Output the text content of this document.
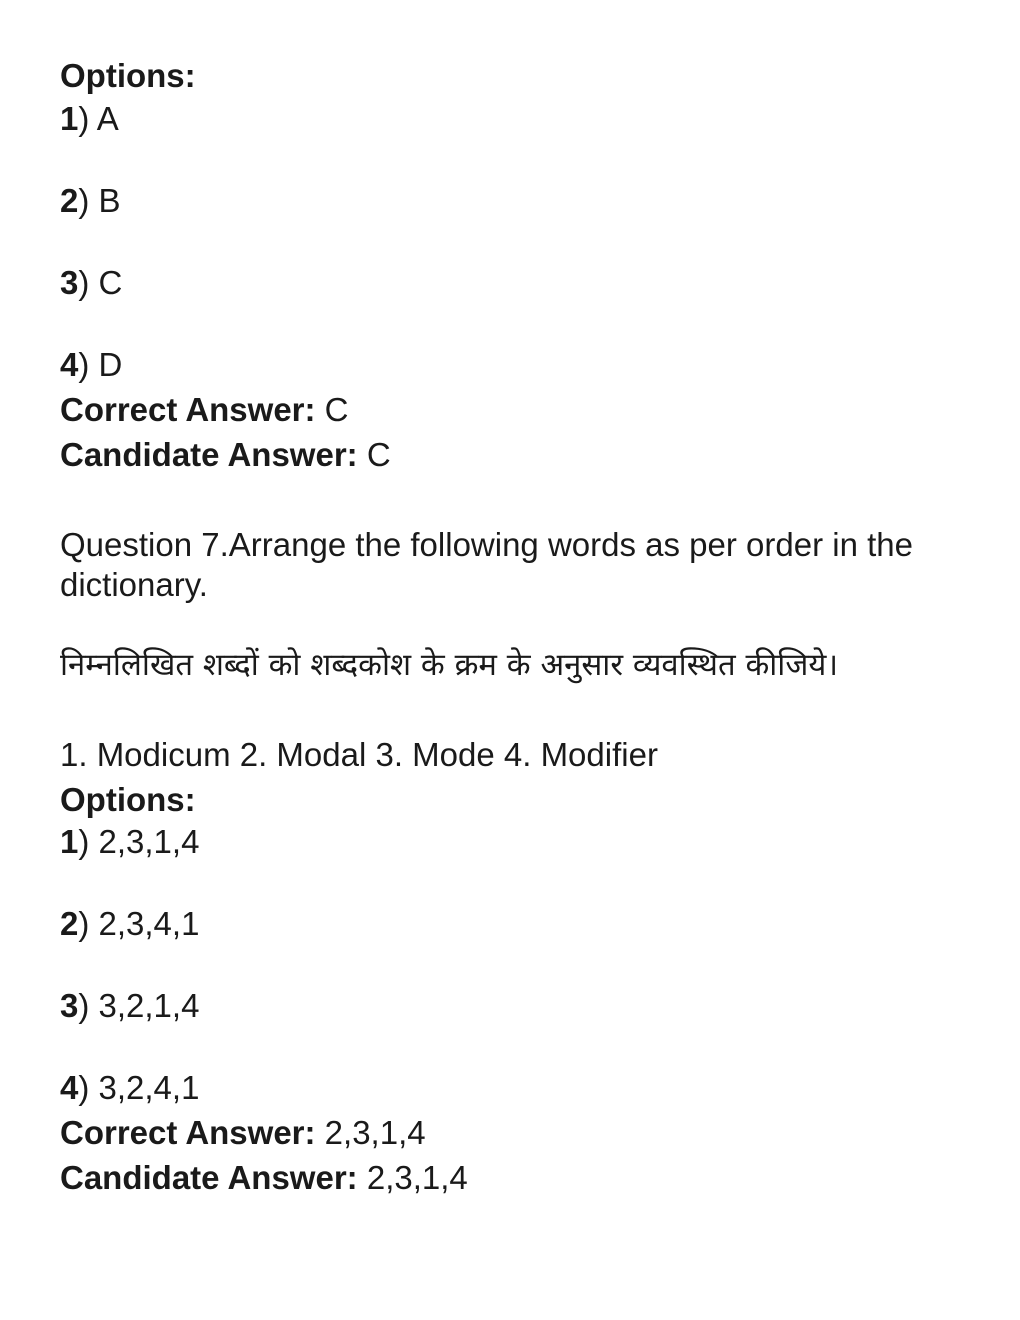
Options:
1) A
2) B
3) C
4) D
Correct Answer: C
Candidate Answer: C
Question 7.Arrange the following words as per order in the dictionary.
निम्नलिखित शब्दों को शब्दकोश के क्रम के अनुसार व्यवस्थित कीजिये।
1. Modicum 2. Modal 3. Mode 4. Modifier
Options:
1) 2,3,1,4
2) 2,3,4,1
3) 3,2,1,4
4) 3,2,4,1
Correct Answer: 2,3,1,4
Candidate Answer: 2,3,1,4
